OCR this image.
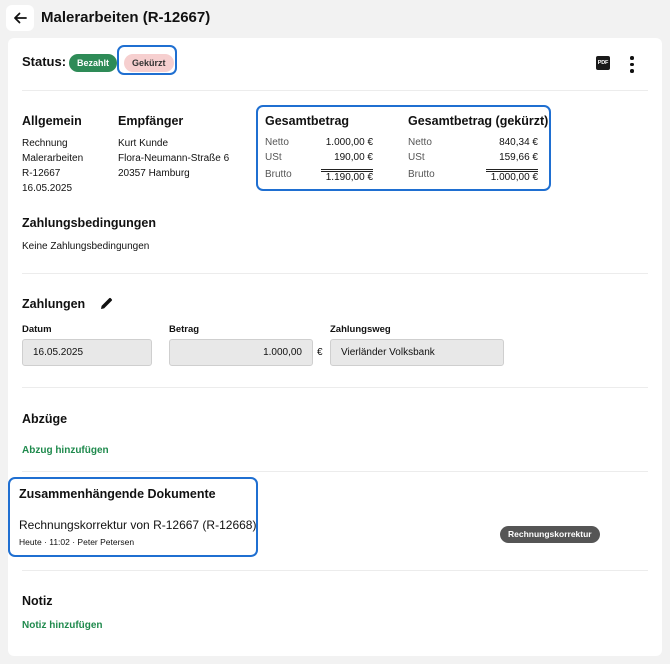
Malerarbeiten (R-12667)
Status:	Bezahlt	Gekürzt	PDF
Allgemein
Rechnung
Malerarbeiten
R-12667
16.05.2025
Empfänger
Kurt Kunde
Flora-Neumann-Straße 6
20357 Hamburg
Gesamtbetrag
Netto	1.000,00 €
USt	190,00 €
Brutto	1.190,00 €
Gesamtbetrag (gekürzt)
Netto	840,34 €
USt	159,66 €
Brutto	1.000,00 €
Zahlungsbedingungen
Keine Zahlungsbedingungen
Zahlungen
Datum	Betrag	Zahlungsweg
16.05.2025	1.000,00	€	Vierländer Volksbank
Abzüge
Abzug hinzufügen
Zusammenhängende Dokumente
Rechnungskorrektur von R-12667 (R-12668)
Heute · 11:02 · Peter Petersen
Rechnungskorrektur
Notiz
Notiz hinzufügen
